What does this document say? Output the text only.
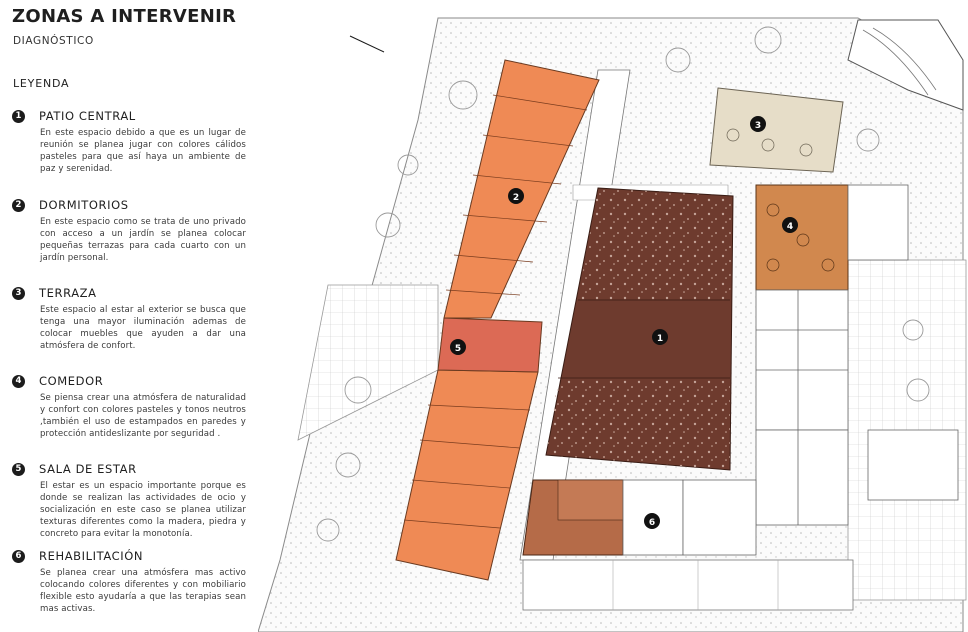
ZONAS A INTERVENIR
DIAGNÓSTICO
LEYENDA
1	PATIO CENTRAL
En este espacio debido a que es un lugar de reunión se planea jugar con colores cálidos pasteles para que así haya un ambiente de paz y serenidad.
2	DORMITORIOS
En este espacio como se trata de uno privado con acceso a un jardín se planea colocar pequeñas terrazas para cada cuarto con un jardín personal.
3	TERRAZA
Este espacio al estar al exterior se busca que tenga una mayor iluminación ademas de colocar muebles que ayuden a dar una atmósfera de confort.
4	COMEDOR
Se piensa crear una atmósfera de naturalidad y confort con colores pasteles y tonos neutros ,también el uso de estampados en paredes y protección antideslizante por seguridad .
5	SALA DE ESTAR
El estar es un espacio importante porque es donde se realizan las actividades de ocio y socialización en este caso se planea utilizar texturas diferentes como la madera, piedra y concreto para evitar la monotonía.
6	REHABILITACIÓN
Se planea crear una atmósfera mas activo colocando colores diferentes y con mobiliario flexible esto ayudaría a que las terapias sean mas activas.
1
2
3
4
5
6
